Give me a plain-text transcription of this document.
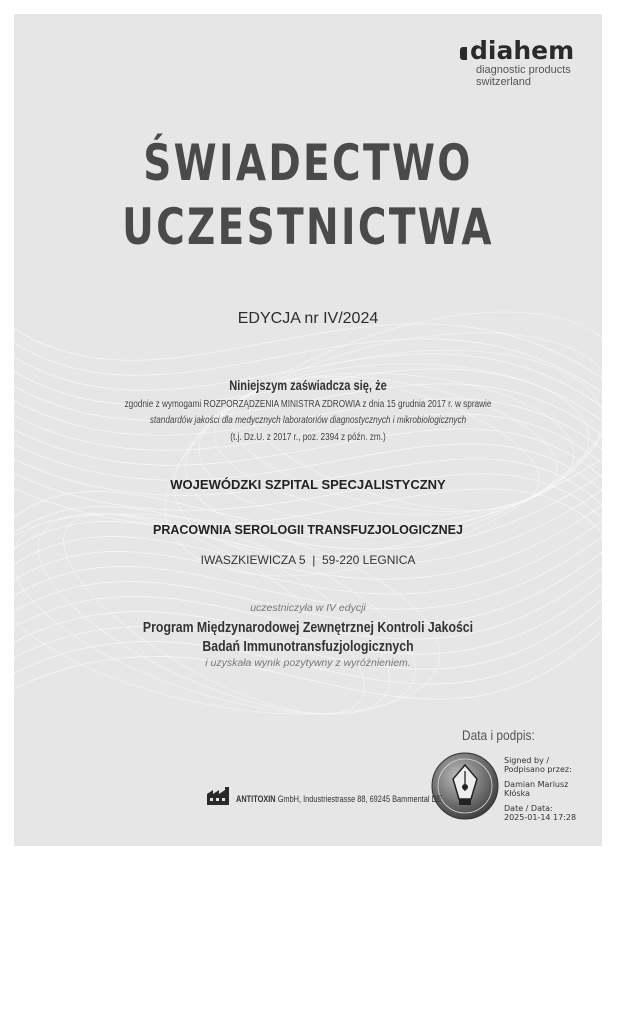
diahem
diagnostic products
switzerland
ŚWIADECTWO
UCZESTNICTWA
EDYCJA nr IV/2024
Niniejszym zaświadcza się, że
zgodnie z wymogami ROZPORZĄDZENIA MINISTRA ZDROWIA z dnia 15 grudnia 2017 r. w sprawie
standardów jakości dla medycznych laboratoriów diagnostycznych i mikrobiologicznych
(t.j. Dz.U. z 2017 r., poz. 2394 z późn. zm.)
WOJEWÓDZKI SZPITAL SPECJALISTYCZNY
PRACOWNIA SEROLOGII TRANSFUZJOLOGICZNEJ
IWASZKIEWICZA 5  |  59-220 LEGNICA
uczestniczyła w IV edycji
Program Międzynarodowej Zewnętrznej Kontroli Jakości
Badań Immunotransfuzjologicznych
i uzyskała wynik pozytywny z wyróżnieniem.
Data i podpis:
Signed by /
Podpisano przez:
Damian Mariusz
Kłóska
Date / Data:
2025-01-14 17:28
ANTITOXIN GmbH, Industriestrasse 88, 69245 Bammental DE
